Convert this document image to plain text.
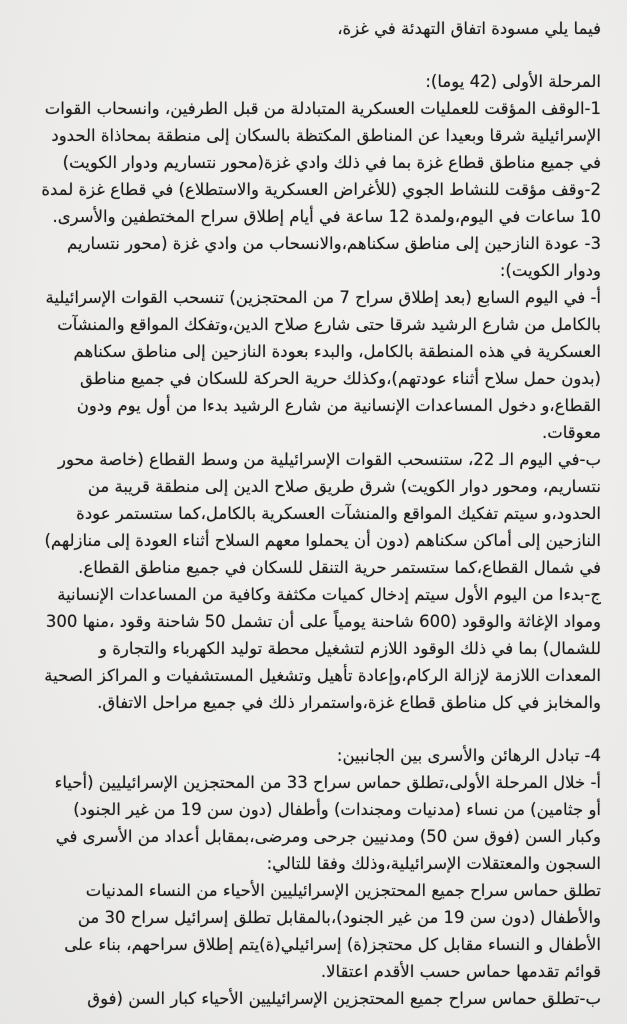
فيما يلي مسودة اتفاق التهدئة في غزة،

المرحلة الأولى (42 يوما):

1-الوقف المؤقت للعمليات العسكرية المتبادلة من قبل الطرفين، وانسحاب القوات الإسرائيلية شرقا وبعيدا عن المناطق المكتظة بالسكان إلى منطقة بمحاذاة الحدود في جميع مناطق قطاع غزة بما في ذلك وادي غزة(محور نتساريم ودوار الكويت)

2-وقف مؤقت للنشاط الجوي (للأغراض العسكرية والاستطلاع) في قطاع غزة لمدة 10 ساعات في اليوم،ولمدة 12 ساعة في أيام إطلاق سراح المختطفين والأسرى.

3- عودة النازحين إلى مناطق سكناهم،والانسحاب من وادي غزة (محور نتساريم ودوار الكويت):

أ- في اليوم السابع (بعد إطلاق سراح 7 من المحتجزين) تنسحب القوات الإسرائيلية بالكامل من شارع الرشيد شرقا حتى شارع صلاح الدين،وتفكك المواقع والمنشآت العسكرية في هذه المنطقة بالكامل، والبدء بعودة النازحين إلى مناطق سكناهم (بدون حمل سلاح أثناء عودتهم)،وكذلك حرية الحركة للسكان في جميع مناطق القطاع،و دخول المساعدات الإنسانية من شارع الرشيد بدءا من أول يوم ودون معوقات.

ب-في اليوم الـ 22، ستنسحب القوات الإسرائيلية من وسط القطاع (خاصة محور نتساريم، ومحور دوار الكويت) شرق طريق صلاح الدين إلى منطقة قريبة من الحدود،و سيتم تفكيك المواقع والمنشآت العسكرية بالكامل،كما ستستمر عودة النازحين إلى أماكن سكناهم (دون أن يحملوا معهم السلاح أثناء العودة إلى منازلهم) في شمال القطاع،كما ستستمر حرية التنقل للسكان في جميع مناطق القطاع.

ج-بدءا من اليوم الأول سيتم إدخال كميات مكثفة وكافية من المساعدات الإنسانية ومواد الإغاثة والوقود (600 شاحنة يومياً على أن تشمل 50 شاحنة وقود ،منها 300 للشمال) بما في ذلك الوقود اللازم لتشغيل محطة توليد الكهرباء والتجارة و المعدات اللازمة لإزالة الركام،وإعادة تأهيل وتشغيل المستشفيات و المراكز الصحية والمخابز في كل مناطق قطاع غزة،واستمرار ذلك في جميع مراحل الاتفاق.

4- تبادل الرهائن والأسرى بين الجانبين:

أ- خلال المرحلة الأولى،تطلق حماس سراح 33 من المحتجزين الإسرائيليين (أحياء أو جثامين) من نساء (مدنيات ومجندات) وأطفال (دون سن 19 من غير الجنود) وكبار السن (فوق سن 50) ومدنيين جرحى ومرضى،بمقابل أعداد من الأسرى في السجون والمعتقلات الإسرائيلية،وذلك وفقا للتالي:

تطلق حماس سراح جميع المحتجزين الإسرائيليين الأحياء من النساء المدنيات والأطفال (دون سن 19 من غير الجنود)،بالمقابل تطلق إسرائيل سراح 30 من الأطفال و النساء مقابل كل محتجز(ة) إسرائيلي(ة)يتم إطلاق سراحهم، بناء على قوائم تقدمها حماس حسب الأقدم اعتقالا.

ب-تطلق حماس سراح جميع المحتجزين الإسرائيليين الأحياء كبار السن (فوق
